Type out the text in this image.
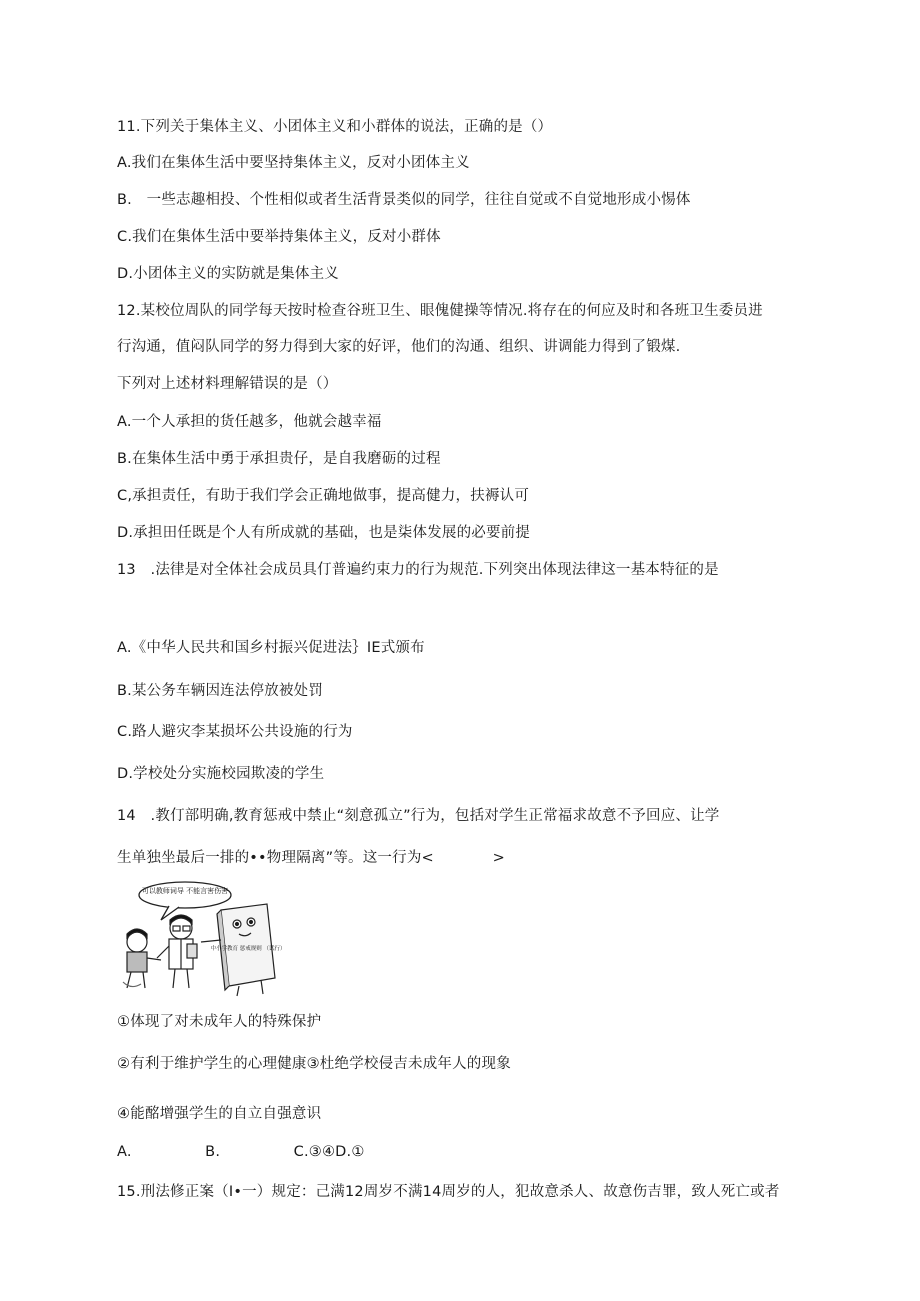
11.下列关于集体主义、小团体主义和小群体的说法，正确的是（）
A.我们在集体生活中要坚持集体主义，反对小团体主义
B.　一些志趣相投、个性相似或者生活背景类似的同学，往往自觉或不自觉地形成小惕体
C.我们在集体生活中要举持集体主义，反对小群体
D.小团体主义的实防就是集体主义
12.某校位周队的同学每天按时检查谷班卫生、眼傀健操等情况.将存在的何应及时和各班卫生委员进
行沟通，值闷队同学的努力得到大家的好评，他们的沟通、组织、讲调能力得到了锻煤.
下列对上述材料理解错误的是（）
A.一个人承担的货任越多，他就会越幸福
B.在集体生活中勇于承担贵仔，是自我磨砺的过程
C,承担责任，有助于我们学会正确地做事，提高健力，扶褥认可
D.承担田任既是个人有所成就的基础，也是柒体发展的必要前提
13　.法律是对全体社会成员具仃普遍约束力的行为规范.下列突出体现法律这一基本特征的是
A.《中华人民共和国乡村振兴促进法｝IE式颁布
B.某公务车辆因连法停放被处罚
C.路人避灾李某损坏公共设施的行为
D.学校处分实施校园欺凌的学生
14　.教仃部明确,教育惩戒中禁止“刻意孤立”行为，包括对学生正常福求故意不予回应、让学
生单独坐最后一排的••物理隔离”等。这一行为<　　　　>
可以教师词导 不能言害伤害
中小学教育 惩戒规则 （试行）
①体现了对未成年人的特殊保护
②有利于维护学生的心理健康③杜绝学校侵吉未成年人的现象
④能酩增强学生的自立自强意识
A.　　　　　B.　　　　　C.③④D.①
15.刑法修正案（I•一）规定：己满12周岁不满14周岁的人，犯故意杀人、故意伤吉罪，致人死亡或者
